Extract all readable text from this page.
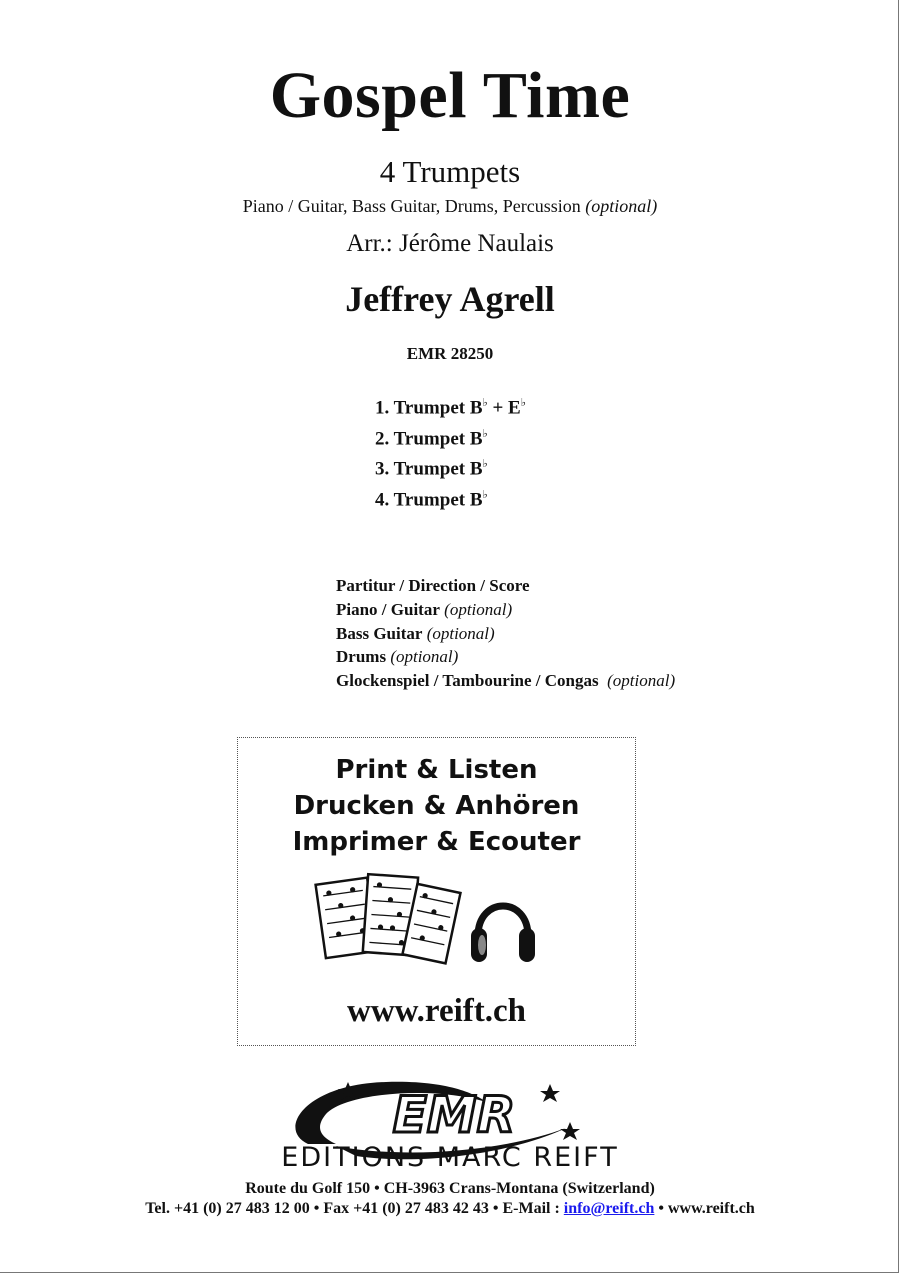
Gospel Time
4 Trumpets
Piano / Guitar, Bass Guitar, Drums, Percussion (optional)
Arr.: Jérôme Naulais
Jeffrey Agrell
EMR 28250
1. Trumpet B♭ + E♭
2. Trumpet B♭
3. Trumpet B♭
4. Trumpet B♭
Partitur / Direction / Score
Piano / Guitar (optional)
Bass Guitar (optional)
Drums (optional)
Glockenspiel / Tambourine / Congas (optional)
Print & Listen
Drucken & Anhören
Imprimer & Ecouter
www.reift.ch
EMR
EDITIONS MARC REIFT
Route du Golf 150 • CH-3963 Crans-Montana (Switzerland)
Tel. +41 (0) 27 483 12 00 • Fax +41 (0) 27 483 42 43 • E-Mail : info@reift.ch • www.reift.ch
